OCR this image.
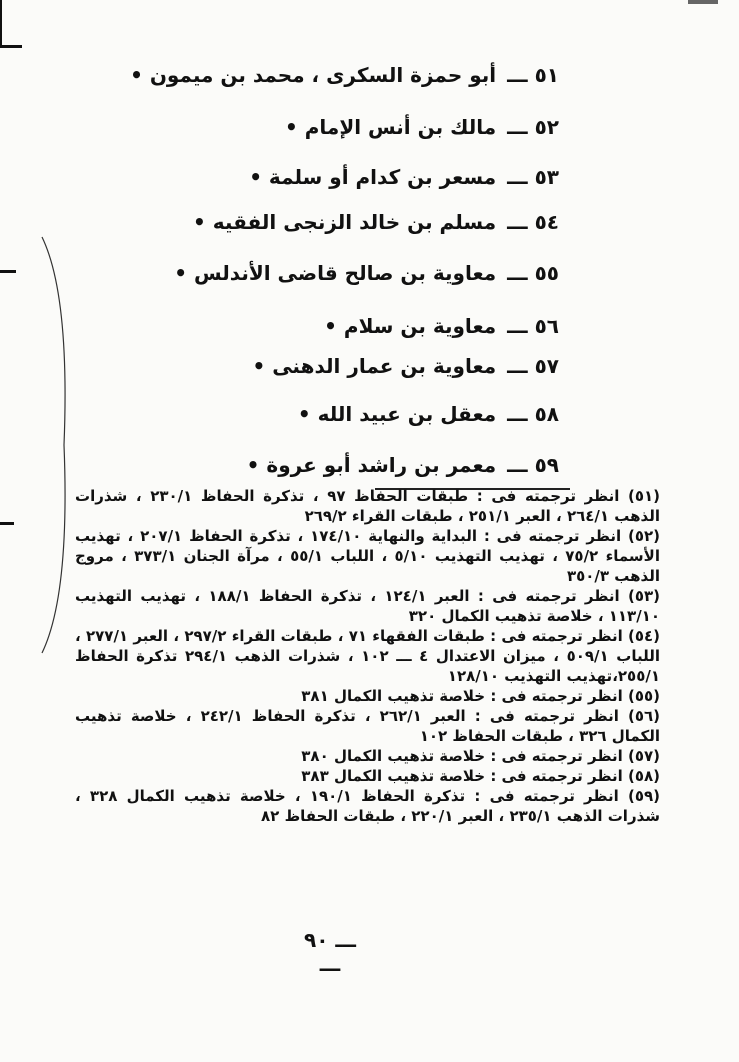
٥١ ـــ أبو حمزة السكرى ، محمد بن ميمون •
٥٢ ـــ مالك بن أنس الإمام •
٥٣ ـــ مسعر بن كدام أو سلمة •
٥٤ ـــ مسلم بن خالد الزنجى الفقيه •
٥٥ ـــ معاوية بن صالح قاضى الأندلس •
٥٦ ـــ معاوية بن سلام •
٥٧ ـــ معاوية بن عمار الدهنى •
٥٨ ـــ معقل بن عبيد الله •
٥٩ ـــ معمر بن راشد أبو عروة •

(٥١) انظر ترجمته فى : طبقات الحفاظ ٩٧ ، تذكرة الحفاظ ٢٣٠/١ ، شذرات الذهب ٢٦٤/١ ، العبر ٢٥١/١ ، طبقات القراء ٢٦٩/٢

(٥٢) انظر ترجمته فى : البداية والنهاية ١٧٤/١٠ ، تذكرة الحفاظ ٢٠٧/١ ، تهذيب الأسماء ٧٥/٢ ، تهذيب التهذيب ٥/١٠ ، اللباب ٥٥/١ ، مرآة الجنان ٣٧٣/١ ، مروج الذهب ٣٥٠/٣

(٥٣) انظر ترجمته فى : العبر ١٢٤/١ ، تذكرة الحفاظ ١٨٨/١ ، تهذيب التهذيب ١١٣/١٠ ، خلاصة تذهيب الكمال ٣٢٠

(٥٤) انظر ترجمته فى : طبقات الفقهاء ٧١ ، طبقات القراء ٢٩٧/٢ ، العبر ٢٧٧/١ ، اللباب ٥٠٩/١ ، ميزان الاعتدال ٤ ـــ ١٠٢ ، شذرات الذهب ٢٩٤/١ تذكرة الحفاظ ٢٥٥/١،تهذيب التهذيب ١٢٨/١٠

(٥٥) انظر ترجمته فى : خلاصة تذهيب الكمال ٣٨١

(٥٦) انظر ترجمته فى : العبر ٢٦٢/١ ، تذكرة الحفاظ ٢٤٢/١ ، خلاصة تذهيب الكمال ٣٢٦ ، طبقات الحفاظ ١٠٢

(٥٧) انظر ترجمته فى : خلاصة تذهيب الكمال ٣٨٠

(٥٨) انظر ترجمته فى : خلاصة تذهيب الكمال ٣٨٣

(٥٩) انظر ترجمته فى : تذكرة الحفاظ ١٩٠/١ ، خلاصة تذهيب الكمال ٣٢٨ ، شذرات الذهب ٢٣٥/١ ، العبر ٢٢٠/١ ، طبقات الحفاظ ٨٢

ـــ ٩٠ ـــ
